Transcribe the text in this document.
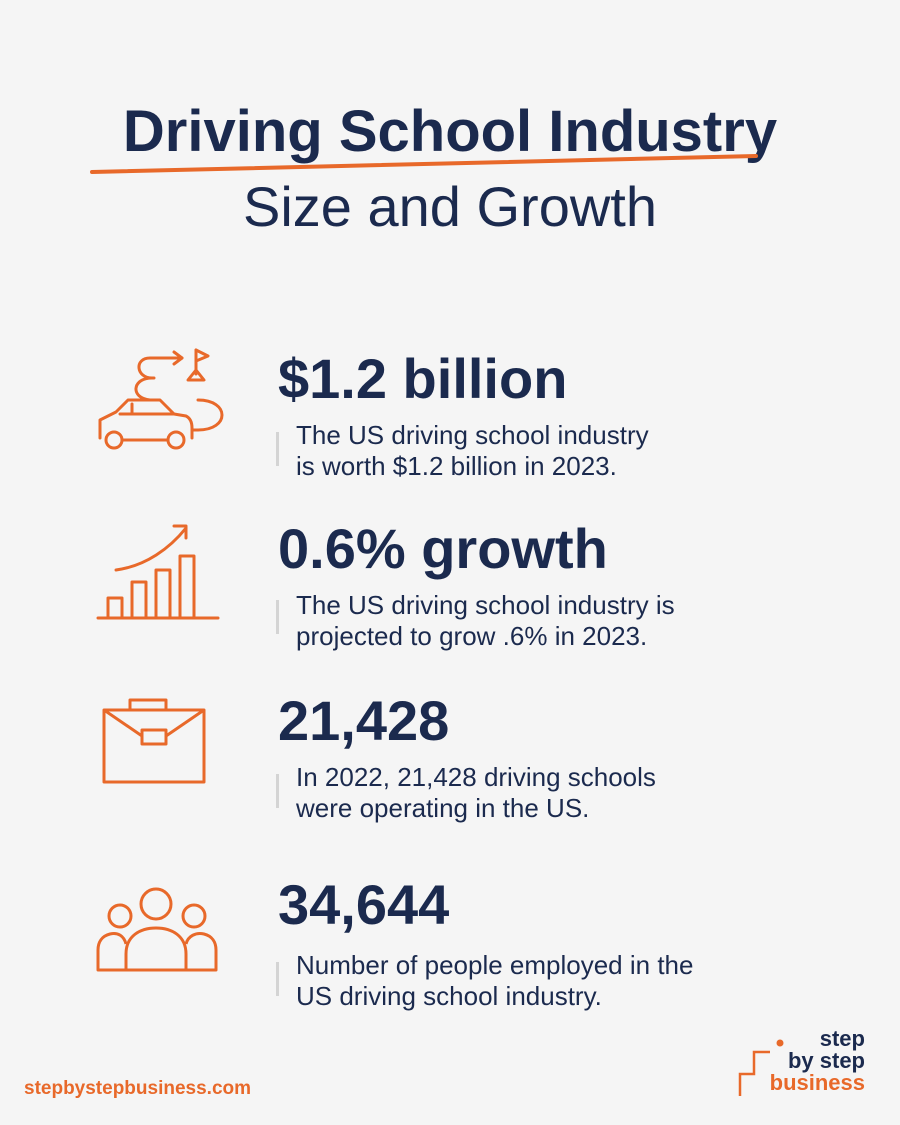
Driving School Industry
Size and Growth
$1.2 billion
The US driving school industry
is worth $1.2 billion in 2023.
0.6% growth
The US driving school industry is
projected to grow .6% in 2023.
21,428
In 2022, 21,428 driving schools
were operating in the US.
34,644
Number of people employed in the
US driving school industry.
stepbystepbusiness.com
step
by step
business
